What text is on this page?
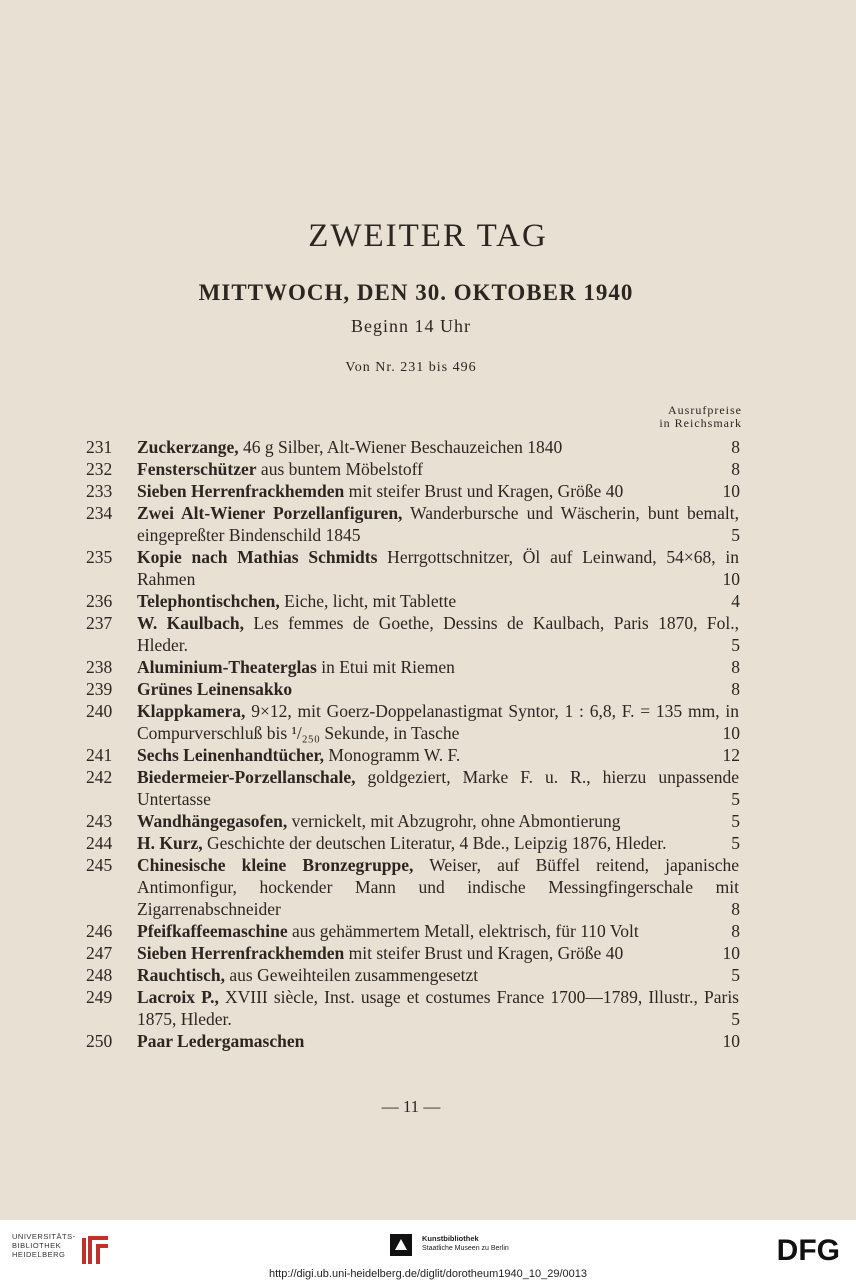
ZWEITER TAG
MITTWOCH, DEN 30. OKTOBER 1940
Beginn 14 Uhr
Von Nr. 231 bis 496
Ausrufpreise
in Reichsmark
231	Zuckerzange, 46 g Silber, Alt-Wiener Beschauzeichen 1840	8
232	Fensterschützer aus buntem Möbelstoff	8
233	Sieben Herrenfrackhemden mit steifer Brust und Kragen, Größe 40	10
234	Zwei Alt-Wiener Porzellanfiguren, Wanderbursche und Wäscherin, bunt bemalt, eingepreßter Bindenschild 1845	5
235	Kopie nach Mathias Schmidts Herrgottschnitzer, Öl auf Leinwand, 54×68, in Rahmen	10
236	Telephontischchen, Eiche, licht, mit Tablette	4
237	W. Kaulbach, Les femmes de Goethe, Dessins de Kaulbach, Paris 1870, Fol., Hleder.	5
238	Aluminium-Theaterglas in Etui mit Riemen	8
239	Grünes Leinensakko	8
240	Klappkamera, 9×12, mit Goerz-Doppelanastigmat Syntor, 1 : 6,8, F. = 135 mm, in Compurverschluß bis ¹/₂₅₀ Sekunde, in Tasche	10
241	Sechs Leinenhandtücher, Monogramm W. F.	12
242	Biedermeier-Porzellanschale, goldgeziert, Marke F. u. R., hierzu unpassende Untertasse	5
243	Wandhängegasofen, vernickelt, mit Abzugrohr, ohne Abmontierung	5
244	H. Kurz, Geschichte der deutschen Literatur, 4 Bde., Leipzig 1876, Hleder.	5
245	Chinesische kleine Bronzegruppe, Weiser, auf Büffel reitend, japanische Antimonfigur, hockender Mann und indische Messingfingerschale mit Zigarrenabschneider	8
246	Pfeifkaffeemaschine aus gehämmertem Metall, elektrisch, für 110 Volt	8
247	Sieben Herrenfrackhemden mit steifer Brust und Kragen, Größe 40	10
248	Rauchtisch, aus Geweihteilen zusammengesetzt	5
249	Lacroix P., XVIII siècle, Inst. usage et costumes France 1700—1789, Illustr., Paris 1875, Hleder.	5
250	Paar Ledergamaschen	10
— 11 —
UNIVERSITÄTS-
BIBLIOTHEK
HEIDELBERG
Kunstbibliothek
Staatliche Museen zu Berlin	DFG
http://digi.ub.uni-heidelberg.de/diglit/dorotheum1940_10_29/0013
